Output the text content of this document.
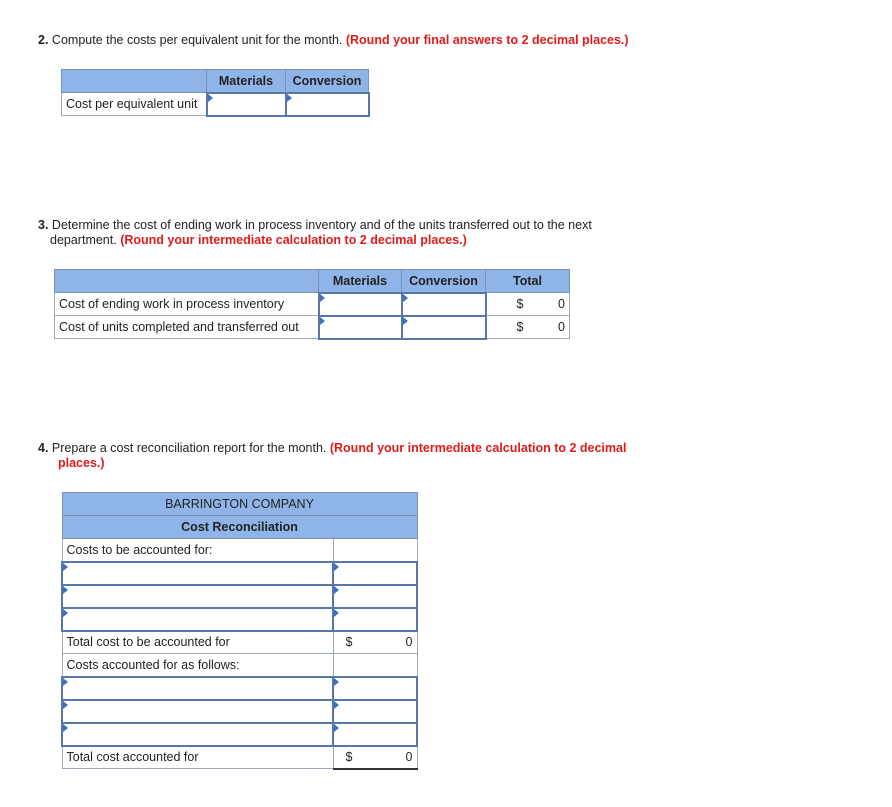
2. Compute the costs per equivalent unit for the month. (Round your final answers to 2 decimal places.)
	Materials	Conversion
Cost per equivalent unit		
3. Determine the cost of ending work in process inventory and of the units transferred out to the next
department. (Round your intermediate calculation to 2 decimal places.)
	Materials	Conversion	Total
Cost of ending work in process inventory			$ 0

Cost of units completed and transferred out			$ 0
4. Prepare a cost reconciliation report for the month. (Round your intermediate calculation to 2 decimal
places.)
BARRINGTON COMPANY	
Cost Reconciliation	
Costs to be accounted for:	

Total cost to be accounted for	$ 0

Costs accounted for as follows:	

Total cost accounted for	$ 0
